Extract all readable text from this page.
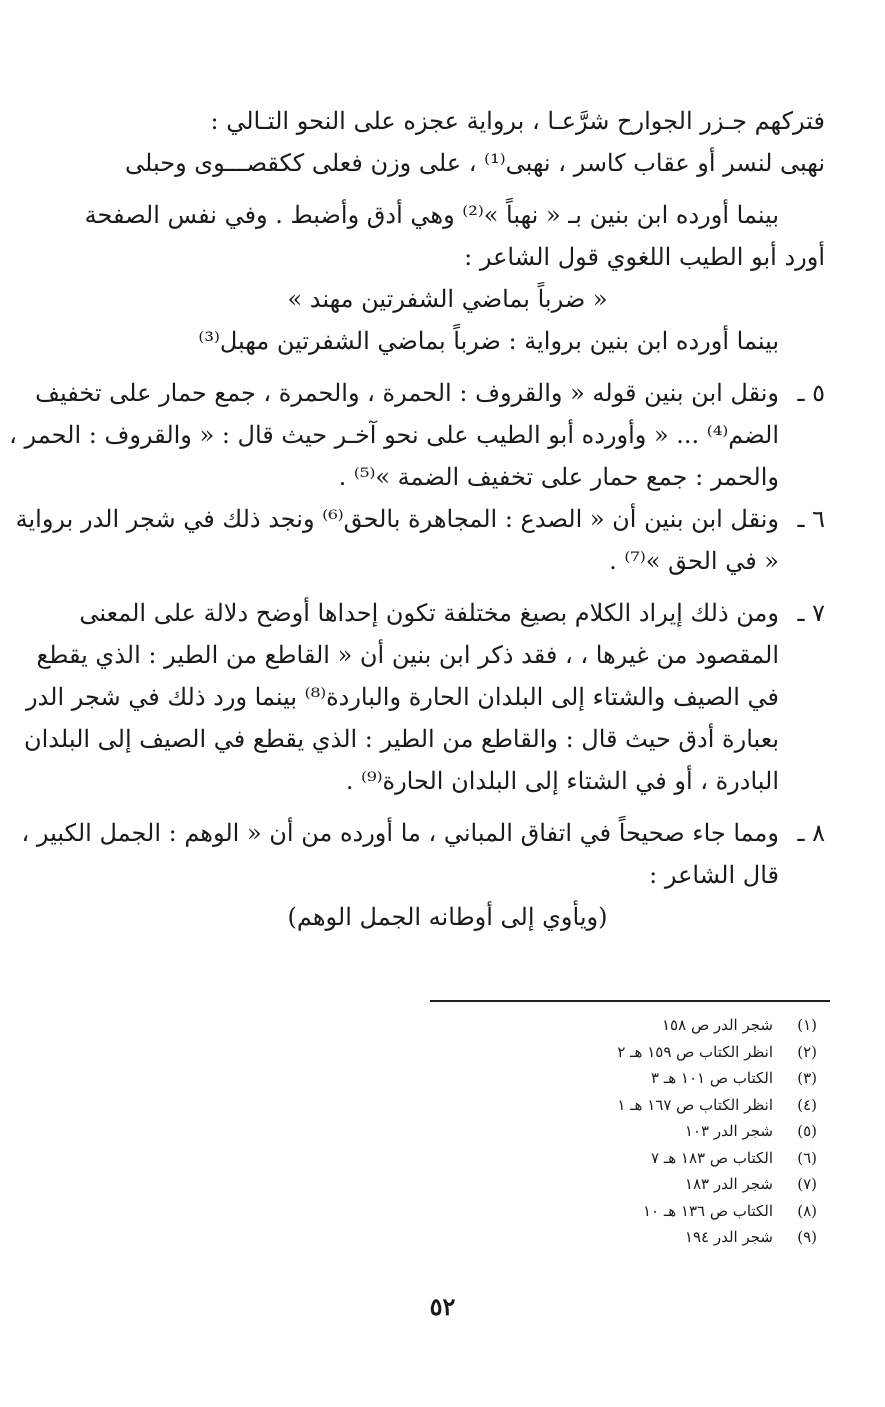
فتركهم جـزر الجوارح شرَّعـا ، برواية عجزه على النحو التـالي :

نهبى لنسر أو عقاب كاسر ، نهبى⁽¹⁾ ، على وزن فعلى ككقصـــوى وحبلى

بينما أورده ابن بنين بـ « نهباً »⁽²⁾ وهي أدق وأضبط . وفي نفس الصفحة

أورد أبو الطيب اللغوي قول الشاعر :

« ضرباً بماضي الشفرتين مهند »

بينما أورده ابن بنين برواية : ضرباً بماضي الشفرتين مهبل⁽³⁾

٥ ـ

ونقل ابن بنين قوله « والقروف : الحمرة ، والحمرة ، جمع حمار على تخفيف

الضم⁽⁴⁾ ... « وأورده أبو الطيب على نحو آخـر حيث قال : « والقروف : الحمر ،

والحمر : جمع حمار على تخفيف الضمة »⁽⁵⁾ .

٦ ـ

ونقل ابن بنين أن « الصدع : المجاهرة بالحق⁽⁶⁾ ونجد ذلك في شجر الدر برواية

« في الحق »⁽⁷⁾ .

٧ ـ

ومن ذلك إيراد الكلام بصيغ مختلفة تكون إحداها أوضح دلالة على المعنى

المقصود من غيرها ، ، فقد ذكر ابن بنين أن « القاطع من الطير : الذي يقطع

في الصيف والشتاء إلى البلدان الحارة والباردة⁽⁸⁾ بينما ورد ذلك في شجر الدر

بعبارة أدق حيث قال : والقاطع من الطير : الذي يقطع في الصيف إلى البلدان

البادرة ، أو في الشتاء إلى البلدان الحارة⁽⁹⁾ .

٨ ـ

ومما جاء صحيحاً في اتفاق المباني ، ما أورده من أن « الوهم : الجمل الكبير ،

قال الشاعر :

(ويأوي إلى أوطانه الجمل الوهم)

(١)
شجر الدر ص ١٥٨
(٢)
انظر الكتاب ص ١٥٩ هـ ٢
(٣)
الكتاب ص ١٠١ هـ ٣
(٤)
انظر الكتاب ص ١٦٧ هـ ١
(٥)
شجر الدر ١٠٣
(٦)
الكتاب ص ١٨٣ هـ ٧
(٧)
شجر الدر ١٨٣
(٨)
الكتاب ص ١٣٦ هـ ١٠
(٩)
شجر الدر ١٩٤
٥٢
